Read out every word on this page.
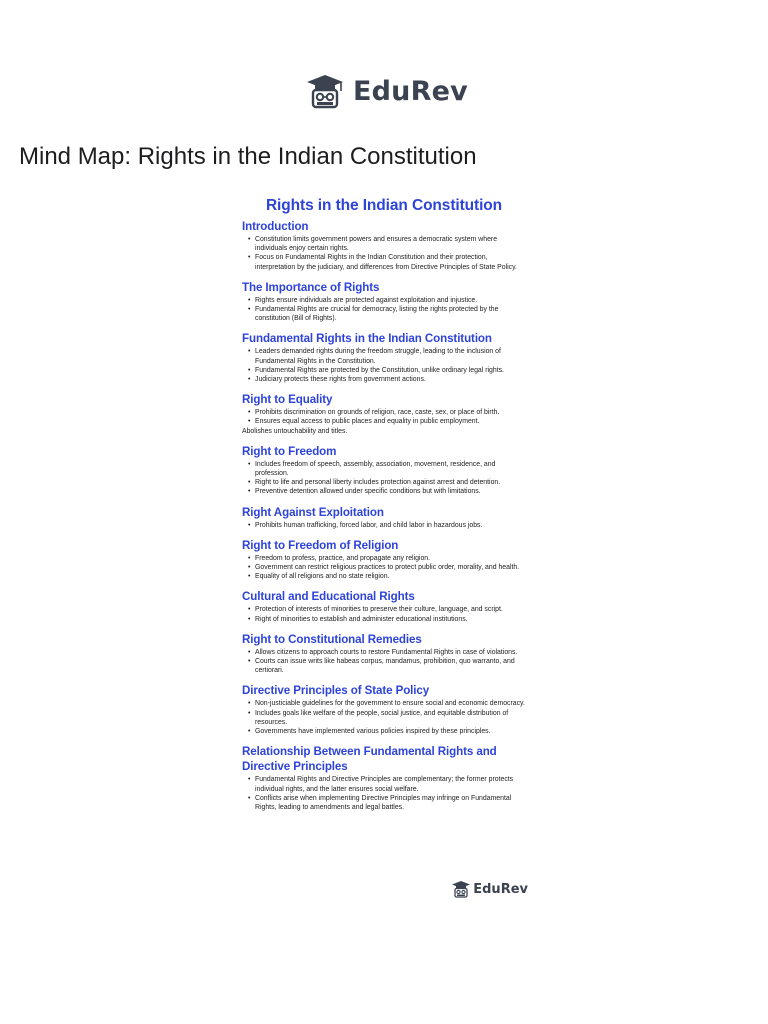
EduRev
Mind Map: Rights in the Indian Constitution
Rights in the Indian Constitution
Introduction
• Constitution limits government powers and ensures a democratic system where individuals enjoy certain rights.
• Focus on Fundamental Rights in the Indian Constitution and their protection, interpretation by the judiciary, and differences from Directive Principles of State Policy.
The Importance of Rights
• Rights ensure individuals are protected against exploitation and injustice.
• Fundamental Rights are crucial for democracy, listing the rights protected by the constitution (Bill of Rights).
Fundamental Rights in the Indian Constitution
• Leaders demanded rights during the freedom struggle, leading to the inclusion of Fundamental Rights in the Constitution.
• Fundamental Rights are protected by the Constitution, unlike ordinary legal rights.
• Judiciary protects these rights from government actions.
Right to Equality
• Prohibits discrimination on grounds of religion, race, caste, sex, or place of birth.
• Ensures equal access to public places and equality in public employment.
Abolishes untouchability and titles.
Right to Freedom
• Includes freedom of speech, assembly, association, movement, residence, and profession.
• Right to life and personal liberty includes protection against arrest and detention.
• Preventive detention allowed under specific conditions but with limitations.
Right Against Exploitation
• Prohibits human trafficking, forced labor, and child labor in hazardous jobs.
Right to Freedom of Religion
• Freedom to profess, practice, and propagate any religion.
• Government can restrict religious practices to protect public order, morality, and health.
• Equality of all religions and no state religion.
Cultural and Educational Rights
• Protection of interests of minorities to preserve their culture, language, and script.
• Right of minorities to establish and administer educational institutions.
Right to Constitutional Remedies
• Allows citizens to approach courts to restore Fundamental Rights in case of violations.
• Courts can issue writs like habeas corpus, mandamus, prohibition, quo warranto, and certiorari.
Directive Principles of State Policy
• Non-justiciable guidelines for the government to ensure social and economic democracy.
• Includes goals like welfare of the people, social justice, and equitable distribution of resources.
• Governments have implemented various policies inspired by these principles.
Relationship Between Fundamental Rights and Directive Principles
• Fundamental Rights and Directive Principles are complementary; the former protects individual rights, and the latter ensures social welfare.
• Conflicts arise when implementing Directive Principles may infringe on Fundamental Rights, leading to amendments and legal battles.
EduRev
